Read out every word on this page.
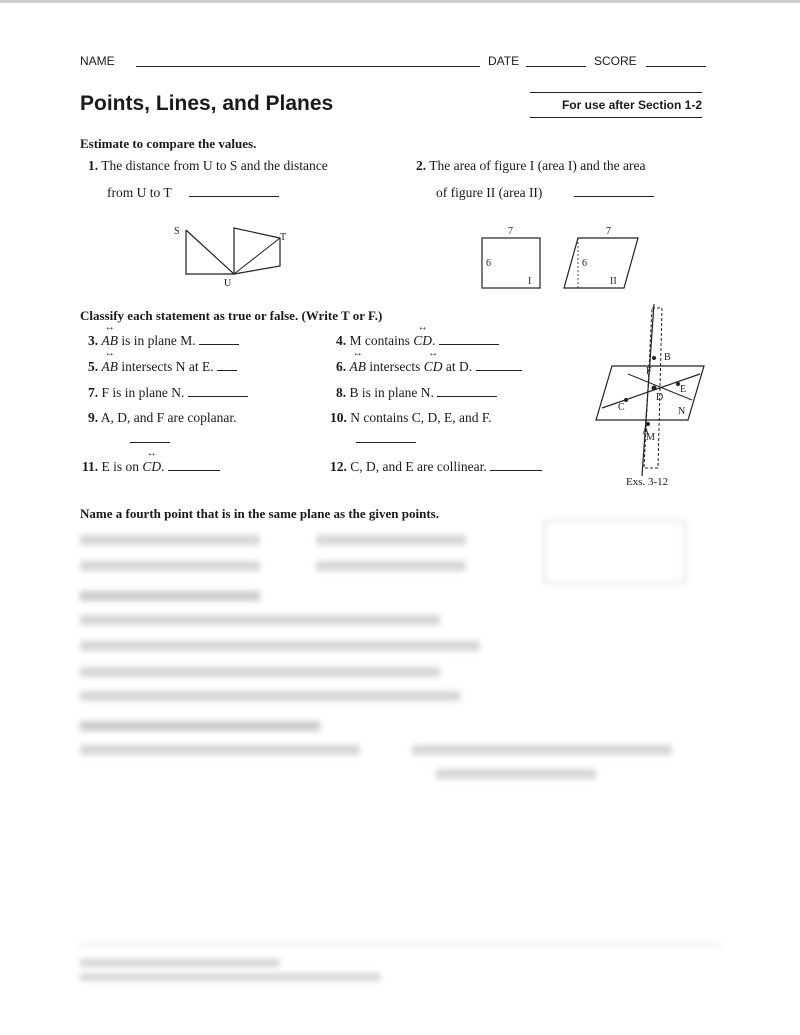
NAME	DATE	SCORE
Points, Lines, and Planes	For use after Section 1-2
Estimate to compare the values.
1. The distance from U to S and the distance
from U to T
2. The area of figure I (area I) and the area
of figure II (area II)
S
T
U
7
6
I
7
6
II
Classify each statement as true or false. (Write T or F.)
3. ↔ AB is in plane M.	4. M contains ↔ CD.
5. ↔ AB intersects N at E.	6. ↔ AB intersects ↔ CD at D.
7. F is in plane N.	8. B is in plane N.
9. A, D, and F are coplanar.	10. N contains C, D, E, and F.
11. E is on ↔ CD.	12. C, D, and E are collinear.
A
B
C
D
E
F
M
N
Exs. 3-12
Name a fourth point that is in the same plane as the given points.
